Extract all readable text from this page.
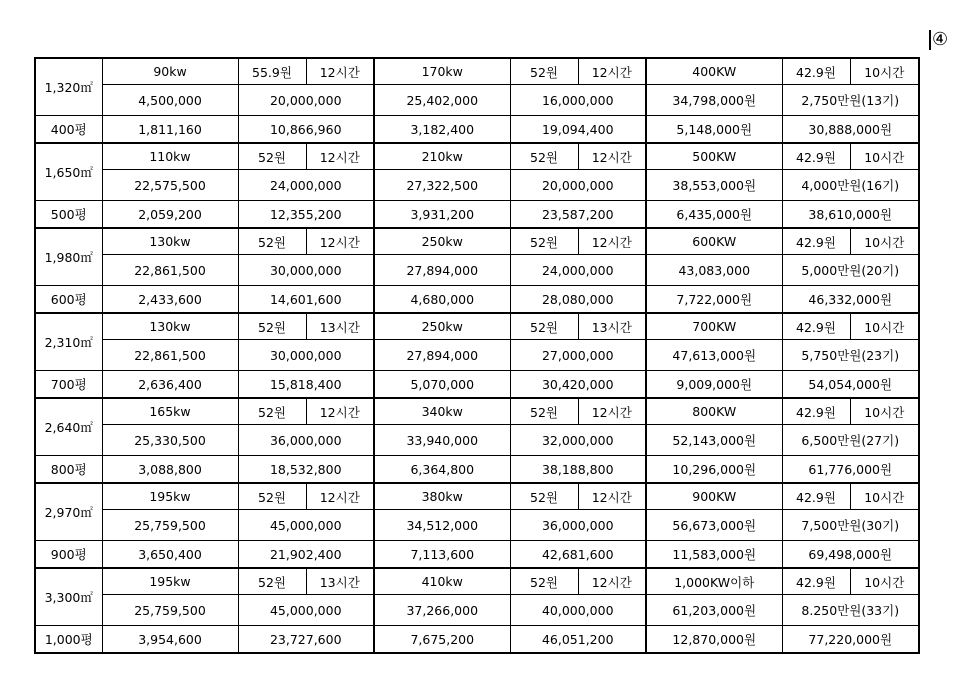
④
1,320㎡	90kw	55.9원	12시간	170kw	52원	12시간	400KW	42.9원	10시간
	4,500,000	20,000,000		25,402,000	16,000,000		34,798,000원	2,750만원(13기)	
400평	1,811,160	10,866,960		3,182,400	19,094,400		5,148,000원	30,888,000원	
1,650㎡	110kw	52원	12시간	210kw	52원	12시간	500KW	42.9원	10시간
	22,575,500	24,000,000		27,322,500	20,000,000		38,553,000원	4,000만원(16기)	
500평	2,059,200	12,355,200		3,931,200	23,587,200		6,435,000원	38,610,000원	
1,980㎡	130kw	52원	12시간	250kw	52원	12시간	600KW	42.9원	10시간
	22,861,500	30,000,000		27,894,000	24,000,000		43,083,000	5,000만원(20기)	
600평	2,433,600	14,601,600		4,680,000	28,080,000		7,722,000원	46,332,000원	
2,310㎡	130kw	52원	13시간	250kw	52원	13시간	700KW	42.9원	10시간
	22,861,500	30,000,000		27,894,000	27,000,000		47,613,000원	5,750만원(23기)	
700평	2,636,400	15,818,400		5,070,000	30,420,000		9,009,000원	54,054,000원	
2,640㎡	165kw	52원	12시간	340kw	52원	12시간	800KW	42.9원	10시간
	25,330,500	36,000,000		33,940,000	32,000,000		52,143,000원	6,500만원(27기)	
800평	3,088,800	18,532,800		6,364,800	38,188,800		10,296,000원	61,776,000원	
2,970㎡	195kw	52원	12시간	380kw	52원	12시간	900KW	42.9원	10시간
	25,759,500	45,000,000		34,512,000	36,000,000		56,673,000원	7,500만원(30기)	
900평	3,650,400	21,902,400		7,113,600	42,681,600		11,583,000원	69,498,000원	
3,300㎡	195kw	52원	13시간	410kw	52원	12시간	1,000KW이하	42.9원	10시간
	25,759,500	45,000,000		37,266,000	40,000,000		61,203,000원	8.250만원(33기)	
1,000평	3,954,600	23,727,600		7,675,200	46,051,200		12,870,000원	77,220,000원	
